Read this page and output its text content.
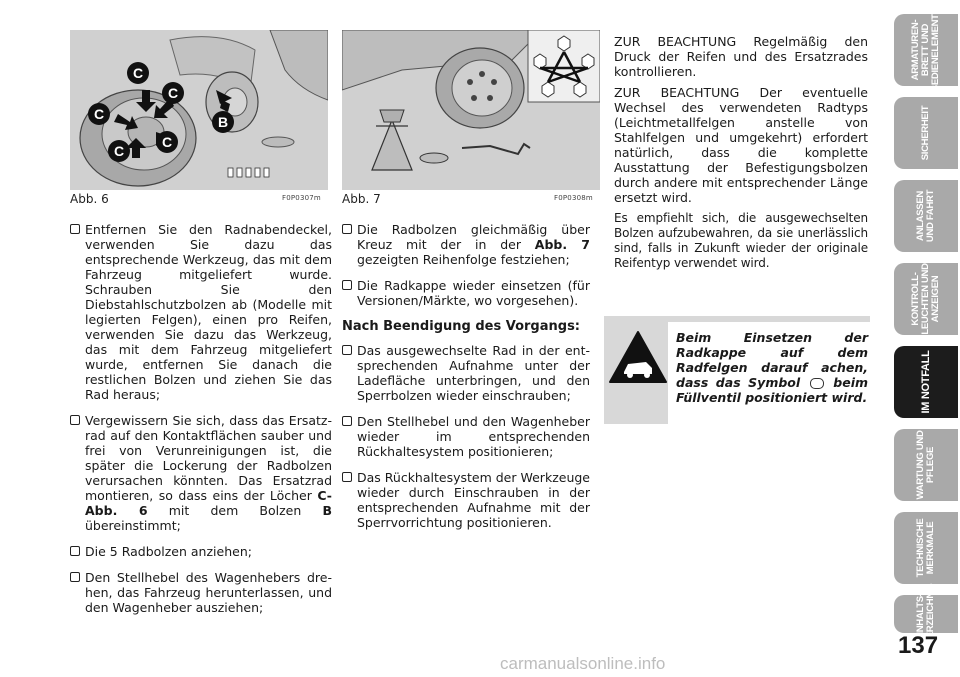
C
C
C
C
C
B
Abb. 6	F0P0307m Abb. 7	F0P0308m

Entfernen Sie den Radnabendeckel, verwenden Sie dazu das entsprechende Werkzeug, das mit dem Fahrzeug mitgeliefert wurde. Schrauben Sie den Diebstahlschutzbolzen ab (Modelle mit legierten Felgen), einen pro Reifen, verwenden Sie dazu das Werkzeug, das mit dem Fahrzeug mitgeliefert wurde, entfernen Sie danach die restlichen Bolzen und ziehen Sie das Rad heraus;

Vergewissern Sie sich, dass das Ersatzrad auf den Kontaktflächen sauber und frei von Verunreinigungen ist, die später die Lockerung der Radbolzen verursachen könnten. Das Ersatzrad montieren, so dass eins der Löcher C-Abb. 6 mit dem Bolzen B übereinstimmt;

Die 5 Radbolzen anziehen;

Den Stellhebel des Wagenhebers drehen, das Fahrzeug herunterlassen, und den Wagenheber ausziehen;

Die Radbolzen gleichmäßig über Kreuz mit der in der Abb. 7 gezeigten Reihenfolge festziehen;

Die Radkappe wieder einsetzen (für Versionen/Märkte, wo vorgesehen).

Nach Beendigung des Vorgangs:

Das ausgewechselte Rad in der entsprechenden Aufnahme unter der Ladefläche unterbringen, und den Sperrbolzen wieder einschrauben;

Den Stellhebel und den Wagenheber wieder im entsprechenden Rückhaltesystem positionieren;

Das Rückhaltesystem der Werkzeuge wieder durch Einschrauben in der entsprechenden Aufnahme mit der Sperrvorrichtung positionieren.

ZUR BEACHTUNG Regelmäßig den Druck der Reifen und des Ersatzrades kontrollieren.

ZUR BEACHTUNG Der eventuelle Wechsel des verwendeten Radtyps (Leichtmetallfelgen anstelle von Stahlfelgen und umgekehrt) erfordert natürlich, dass die komplette Ausstattung der Befestigungsbolzen durch andere mit entsprechender Länge ersetzt wird.

Es empfiehlt sich, die ausgewechselten Bolzen aufzubewahren, da sie unerlässlich sind, falls in Zukunft wieder der originale Reifentyp verwendet wird.

Beim Einsetzen der Radkappe auf dem Radfelgen darauf achen, dass das Symbol  beim Füllventil positioniert wird.
ARMATUREN-
BRETT UND
BEDIENELEMENTE
SICHERHEIT
ANLASSEN
UND FAHRT
KONTROLL-
LEUCHTEN UND
ANZEIGEN
IM NOTFALL
WARTUNG UND
PFLEGE
TECHNISCHE
MERKMALE
INHALTS-
VERZEICHNIS
137
carmanualsonline.info
